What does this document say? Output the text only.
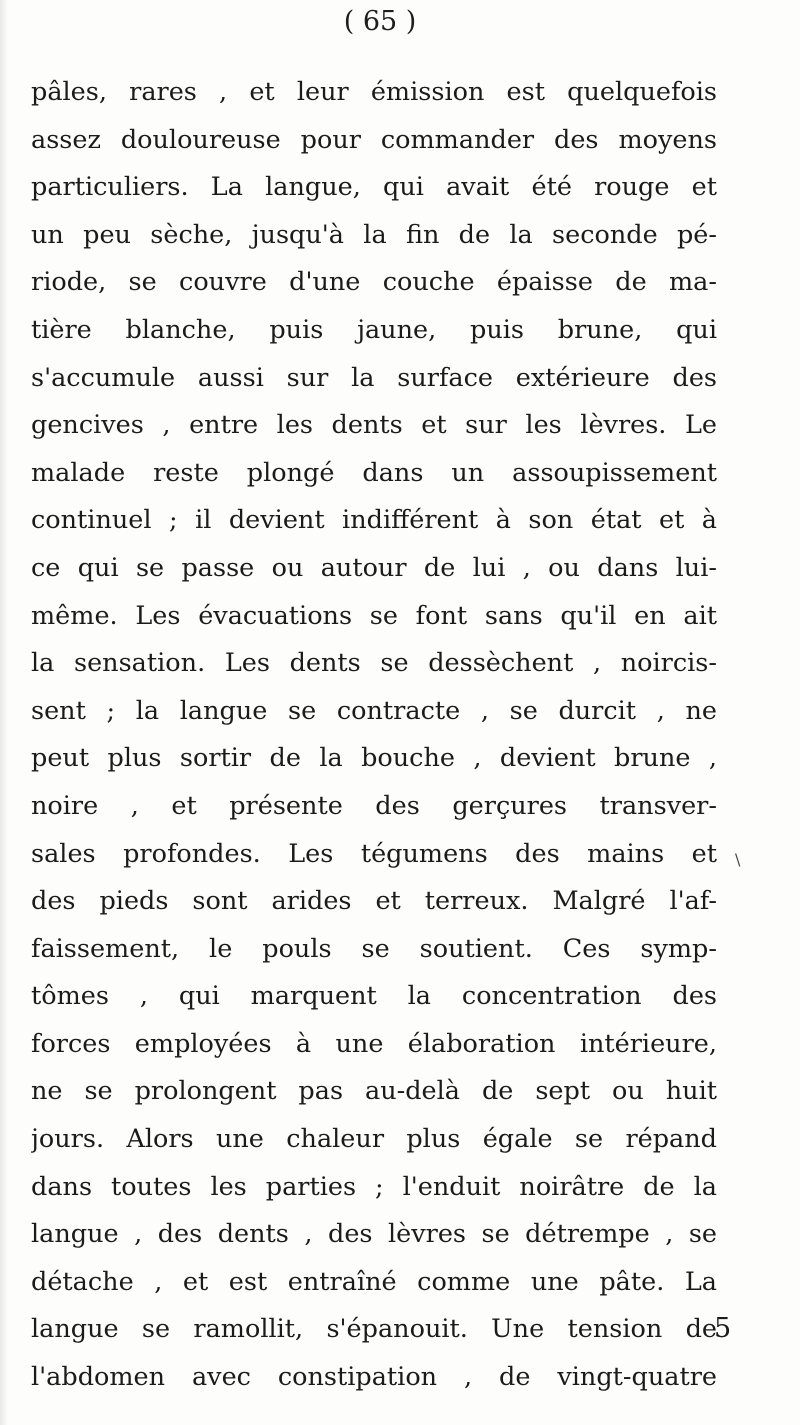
( 65 )
pâles, rares , et leur émission est quelquefois
assez douloureuse pour commander des moyens
particuliers. La langue, qui avait été rouge et
un peu sèche, jusqu'à la fin de la seconde pé-
riode, se couvre d'une couche épaisse de ma-
tière blanche, puis jaune, puis brune, qui
s'accumule aussi sur la surface extérieure des
gencives , entre les dents et sur les lèvres. Le
malade reste plongé dans un assoupissement
continuel ; il devient indifférent à son état et à
ce qui se passe ou autour de lui , ou dans lui-
même. Les évacuations se font sans qu'il en ait
la sensation. Les dents se dessèchent , noircis-
sent ; la langue se contracte , se durcit , ne
peut plus sortir de la bouche , devient brune ,
noire , et présente des gerçures transver-
sales profondes. Les tégumens des mains et
des pieds sont arides et terreux. Malgré l'af-
faissement, le pouls se soutient. Ces symp-
tômes , qui marquent la concentration des
forces employées à une élaboration intérieure,
ne se prolongent pas au-delà de sept ou huit
jours. Alors une chaleur plus égale se répand
dans toutes les parties ; l'enduit noirâtre de la
langue , des dents , des lèvres se détrempe , se
détache , et est entraîné comme une pâte. La
langue se ramollit, s'épanouit. Une tension de
l'abdomen avec constipation , de vingt-quatre
\
5
